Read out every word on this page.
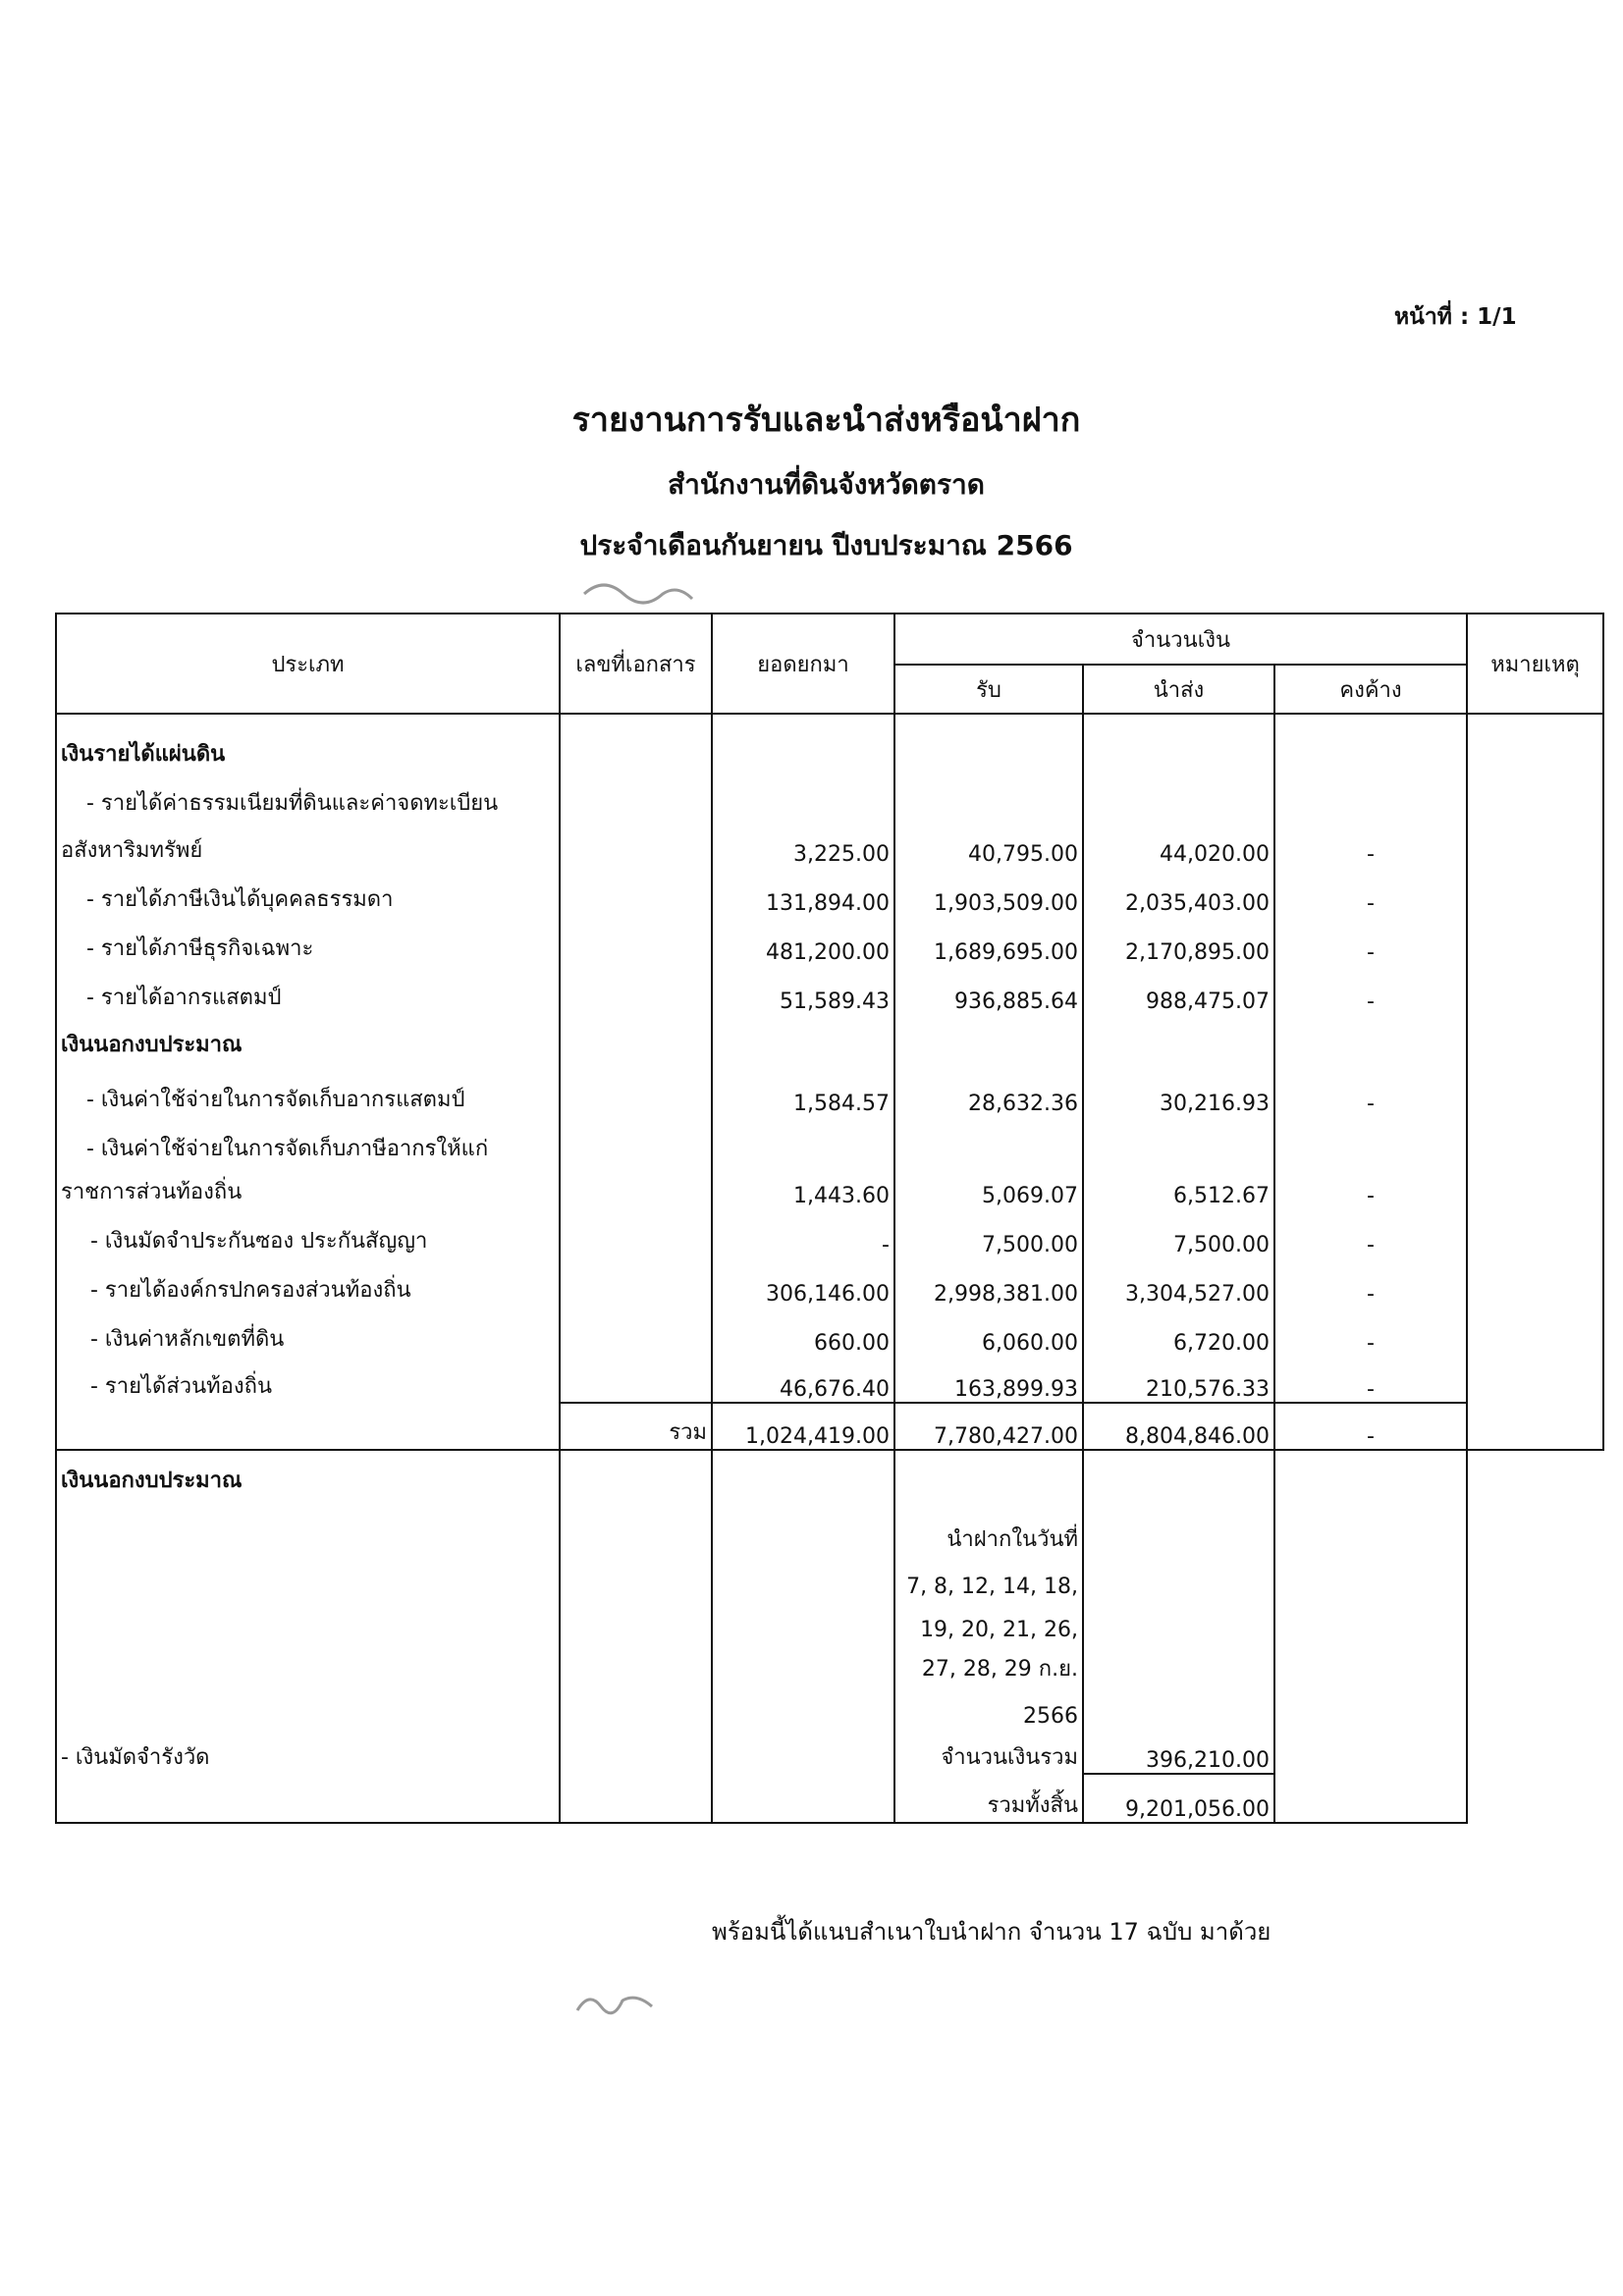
หน้าที่ : 1/1
รายงานการรับและนำส่งหรือนำฝาก
สำนักงานที่ดินจังหวัดตราด
ประจำเดือนกันยายน ปีงบประมาณ 2566
ประเภท	เลขที่เอกสาร	ยอดยกมา	จำนวนเงิน			หมายเหตุ
			รับ	นำส่ง	คงค้าง	
เงินรายได้แผ่นดิน						
- รายได้ค่าธรรมเนียมที่ดินและค่าจดทะเบียน						
อสังหาริมทรัพย์		3,225.00	40,795.00	44,020.00	-	
- รายได้ภาษีเงินได้บุคคลธรรมดา		131,894.00	1,903,509.00	2,035,403.00	-	
- รายได้ภาษีธุรกิจเฉพาะ		481,200.00	1,689,695.00	2,170,895.00	-	
- รายได้อากรแสตมป์		51,589.43	936,885.64	988,475.07	-	
เงินนอกงบประมาณ						
- เงินค่าใช้จ่ายในการจัดเก็บอากรแสตมป์		1,584.57	28,632.36	30,216.93	-	
- เงินค่าใช้จ่ายในการจัดเก็บภาษีอากรให้แก่						
ราชการส่วนท้องถิ่น		1,443.60	5,069.07	6,512.67	-	
- เงินมัดจำประกันซอง ประกันสัญญา		-	7,500.00	7,500.00	-	
- รายได้องค์กรปกครองส่วนท้องถิ่น		306,146.00	2,998,381.00	3,304,527.00	-	
- เงินค่าหลักเขตที่ดิน		660.00	6,060.00	6,720.00	-	
- รายได้ส่วนท้องถิ่น		46,676.40	163,899.93	210,576.33	-	
	รวม	1,024,419.00	7,780,427.00	8,804,846.00	-	
เงินนอกงบประมาณ						
			นำฝากในวันที่			
			7, 8, 12, 14, 18,			
			19, 20, 21, 26,			
			27, 28, 29 ก.ย.			
			2566			
- เงินมัดจำรังวัด			จำนวนเงินรวม	396,210.00		
			รวมทั้งสิ้น	9,201,056.00		
พร้อมนี้ได้แนบสำเนาใบนำฝาก จำนวน 17 ฉบับ มาด้วย
